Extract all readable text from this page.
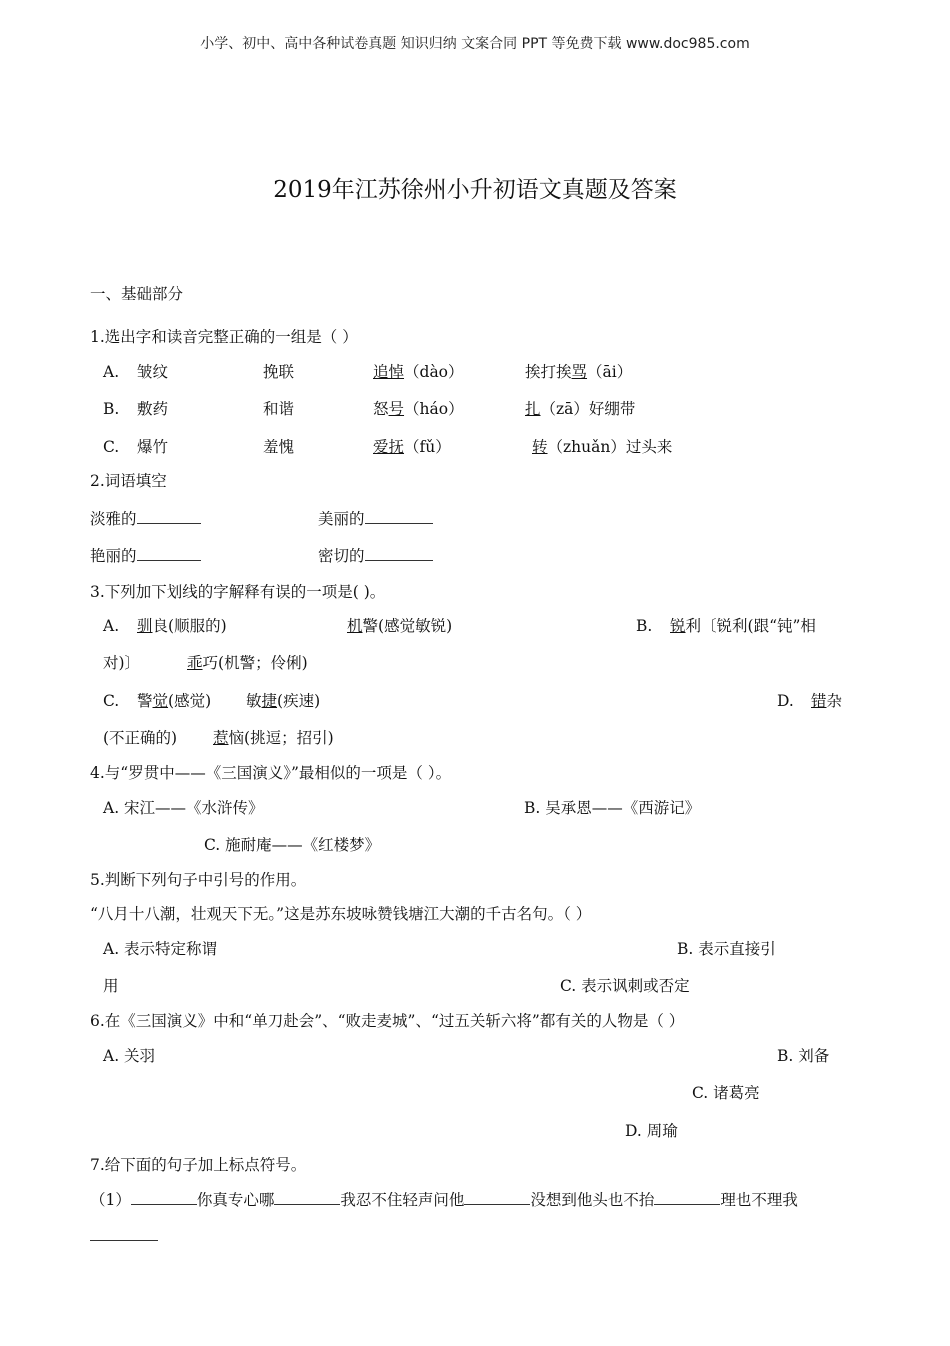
小学、初中、高中各种试卷真题 知识归纳 文案合同 PPT 等免费下载 www.doc985.com
2019年江苏徐州小升初语文真题及答案
一、基础部分
1.选出字和读音完整正确的一组是（ ）
A. 皱纹	挽联	追悼（dào）	挨打挨骂（āi）
B. 敷药	和谐	怒号（háo）	扎（zā）好绷带
C. 爆竹	羞愧	爱抚（fǔ）	转（zhuǎn）过头来
2.词语填空
淡雅的	美丽的
艳丽的	密切的
3.下列加下划线的字解释有误的一项是( )。
A. 驯良(顺服的)	机警(感觉敏锐)	B. 锐利〔锐利(跟“钝”相
对)〕	乖巧(机警；伶俐)
C. 警觉(感觉) 敏捷(疾速)	D. 错杂
(不正确的) 惹恼(挑逗；招引)
4.与“罗贯中——《三国演义》”最相似的一项是（ ）。
A. 宋江——《水浒传》	B. 吴承恩——《西游记》
C. 施耐庵——《红楼梦》
5.判断下列句子中引号的作用。
“八月十八潮，壮观天下无。”这是苏东坡咏赞钱塘江大潮的千古名句。（ ）
A. 表示特定称谓	B. 表示直接引
用	C. 表示讽刺或否定
6.在《三国演义》中和“单刀赴会”、“败走麦城”、“过五关斩六将”都有关的人物是（ ）
A. 关羽	B. 刘备
C. 诸葛亮
D. 周瑜
7.给下面的句子加上标点符号。
（1）	你真专心哪	我忍不住轻声问他	没想到他头也不抬	理也不理我
